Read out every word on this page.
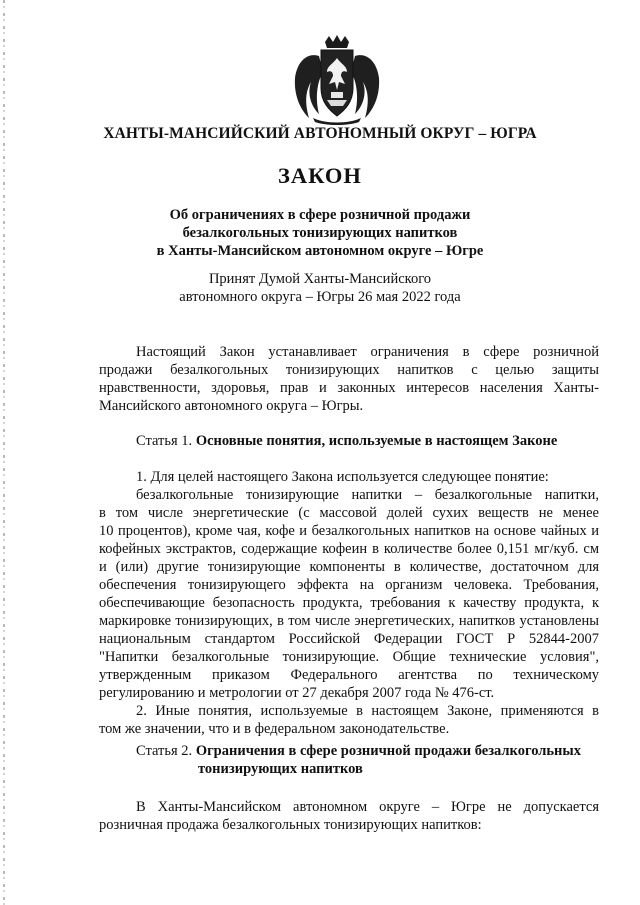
ХАНТЫ-МАНСИЙСКИЙ АВТОНОМНЫЙ ОКРУГ – ЮГРА
ЗАКОН
Об ограничениях в сфере розничной продажи
безалкогольных тонизирующих напитков
в Ханты-Мансийском автономном округе – Югре
Принят Думой Ханты-Мансийского
автономного округа – Югры 26 мая 2022 года
Настоящий Закон устанавливает ограничения в сфере розничной
продажи безалкогольных тонизирующих напитков с целью защиты
нравственности, здоровья, прав и законных интересов населения Ханты-
Мансийского автономного округа – Югры.
Статья 1. Основные понятия, используемые в настоящем Законе
1. Для целей настоящего Закона используется следующее понятие:
безалкогольные тонизирующие напитки – безалкогольные напитки,
в том числе энергетические (с массовой долей сухих веществ не менее
10 процентов), кроме чая, кофе и безалкогольных напитков на основе чайных и
кофейных экстрактов, содержащие кофеин в количестве более 0,151 мг/куб. см
и (или) другие тонизирующие компоненты в количестве, достаточном для
обеспечения тонизирующего эффекта на организм человека. Требования,
обеспечивающие безопасность продукта, требования к качеству продукта, к
маркировке тонизирующих, в том числе энергетических, напитков установлены
национальным стандартом Российской Федерации ГОСТ Р 52844-2007
"Напитки безалкогольные тонизирующие. Общие технические условия",
утвержденным приказом Федерального агентства по техническому
регулированию и метрологии от 27 декабря 2007 года № 476-ст.
2. Иные понятия, используемые в настоящем Законе, применяются в
том же значении, что и в федеральном законодательстве.
Статья 2. Ограничения в сфере розничной продажи безалкогольных
тонизирующих напитков
В Ханты-Мансийском автономном округе – Югре не допускается
розничная продажа безалкогольных тонизирующих напитков:
